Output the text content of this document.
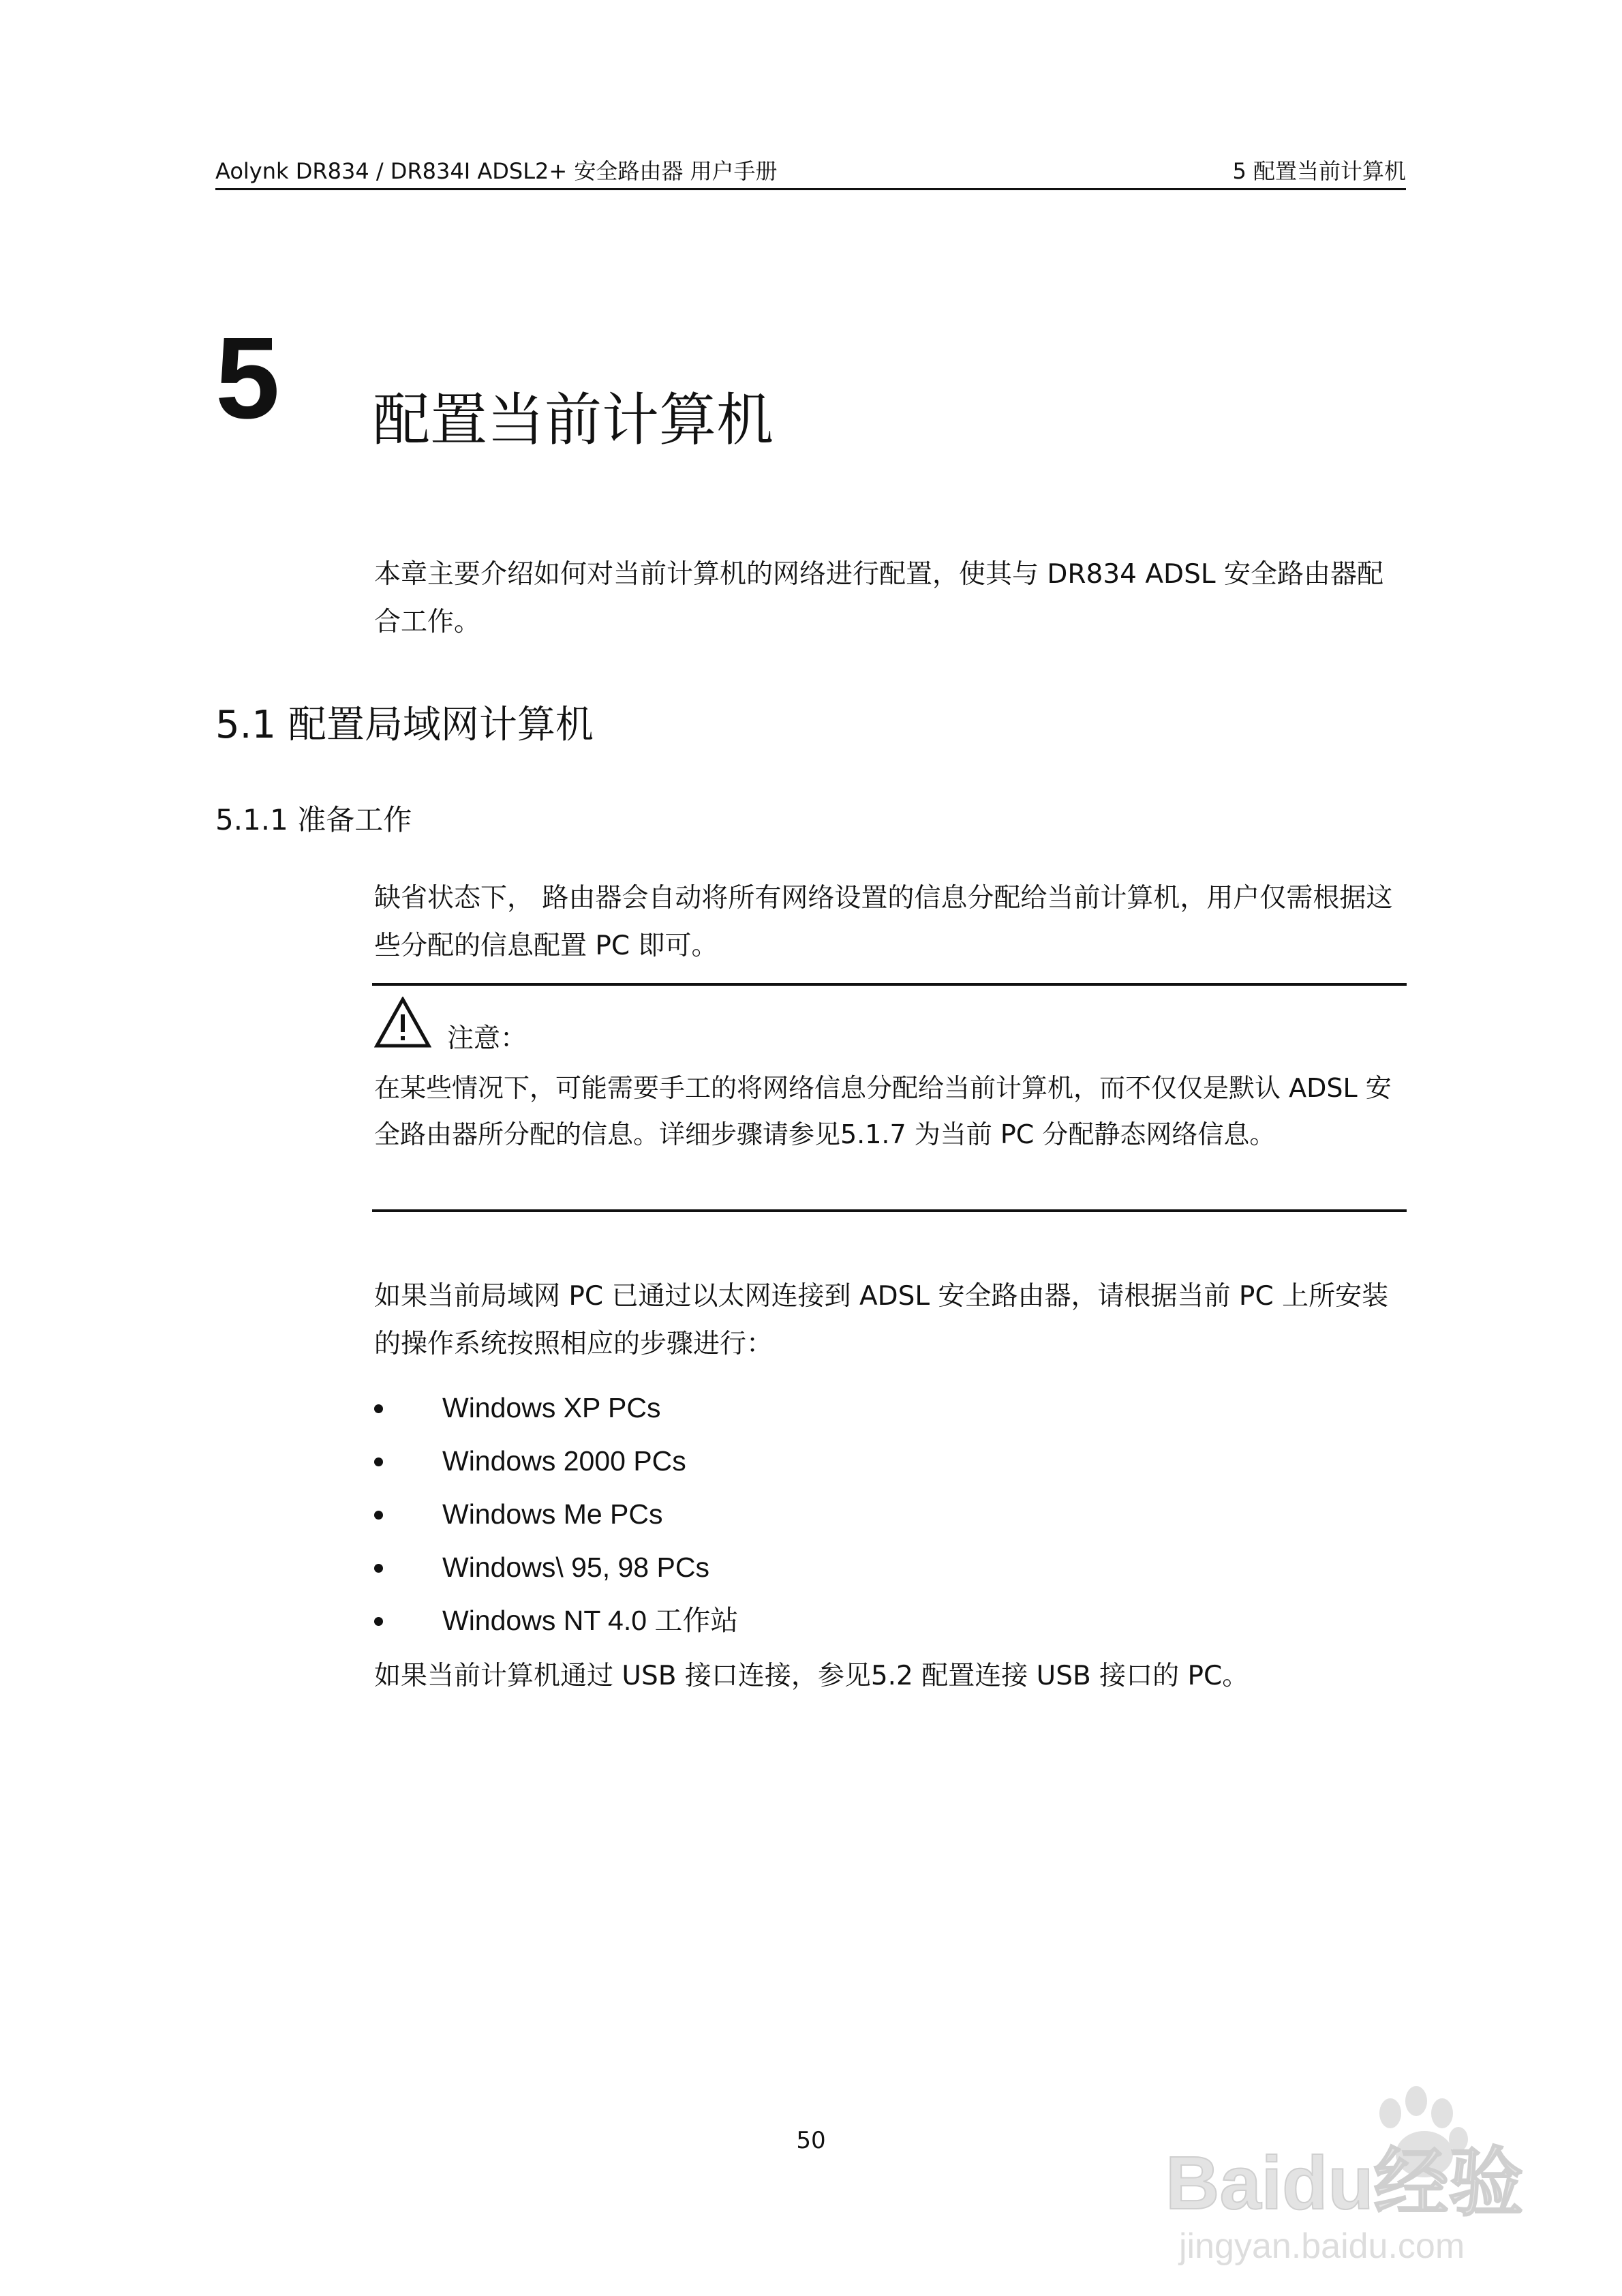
Aolynk DR834 / DR834I ADSL2+ 安全路由器 用户手册	5 配置当前计算机
5 配置当前计算机
本章主要介绍如何对当前计算机的网络进行配置，使其与 DR834 ADSL 安全路由器配合工作。
5.1 配置局域网计算机
5.1.1 准备工作
缺省状态下， 路由器会自动将所有网络设置的信息分配给当前计算机，用户仅需根据这些分配的信息配置 PC 即可。
注意：
在某些情况下，可能需要手工的将网络信息分配给当前计算机，而不仅仅是默认 ADSL 安全路由器所分配的信息。详细步骤请参见5.1.7 为当前 PC 分配静态网络信息。
如果当前局域网 PC 已通过以太网连接到 ADSL 安全路由器，请根据当前 PC 上所安装的操作系统按照相应的步骤进行：
Windows XP PCs
Windows 2000 PCs
Windows Me PCs
Windows\ 95, 98 PCs
Windows NT 4.0 工作站
如果当前计算机通过 USB 接口连接，参见5.2 配置连接 USB 接口的 PC。
50
Baidu经验
jingyan.baidu.com
